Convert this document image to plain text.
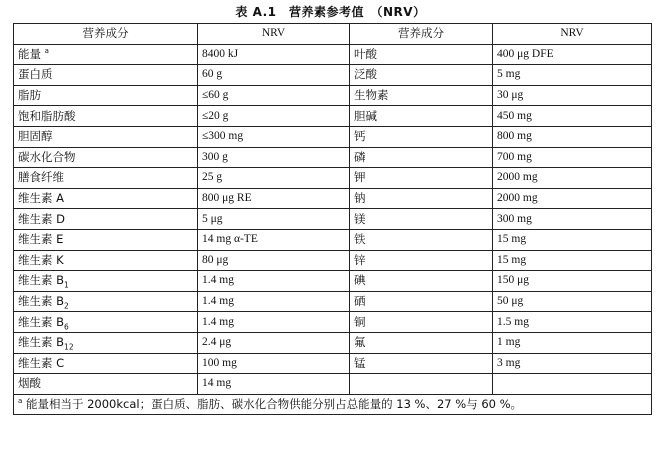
表 A.1　营养素参考值　（NRV）
营养成分	NRV	营养成分	NRV
能量 $^a$	8400 kJ	叶酸	400 μg DFE
蛋白质	60 g	泛酸	5 mg
脂肪	≤60 g	生物素	30 μg
饱和脂肪酸	≤20 g	胆碱	450 mg
胆固醇	≤300 mg	钙	800 mg
碳水化合物	300 g	磷	700 mg
膳食纤维	25 g	钾	2000 mg
维生素 A	800 μg RE	钠	2000 mg
维生素 D	5 μg	镁	300 mg
维生素 E	14 mg α-TE	铁	15 mg
维生素 K	80 μg	锌	15 mg
维生素 $B_1$	1.4 mg	碘	150 μg
维生素 $B_2$	1.4 mg	硒	50 μg
维生素 $B_6$	1.4 mg	铜	1.5 mg
维生素 $B_{12}$	2.4 μg	氟	1 mg
维生素 C	100 mg	锰	3 mg
烟酸	14 mg		
$^a$ 能量相当于 2000kcal；蛋白质、脂肪、碳水化合物供能分别占总能量的 13 %、27 %与 60 %。			
